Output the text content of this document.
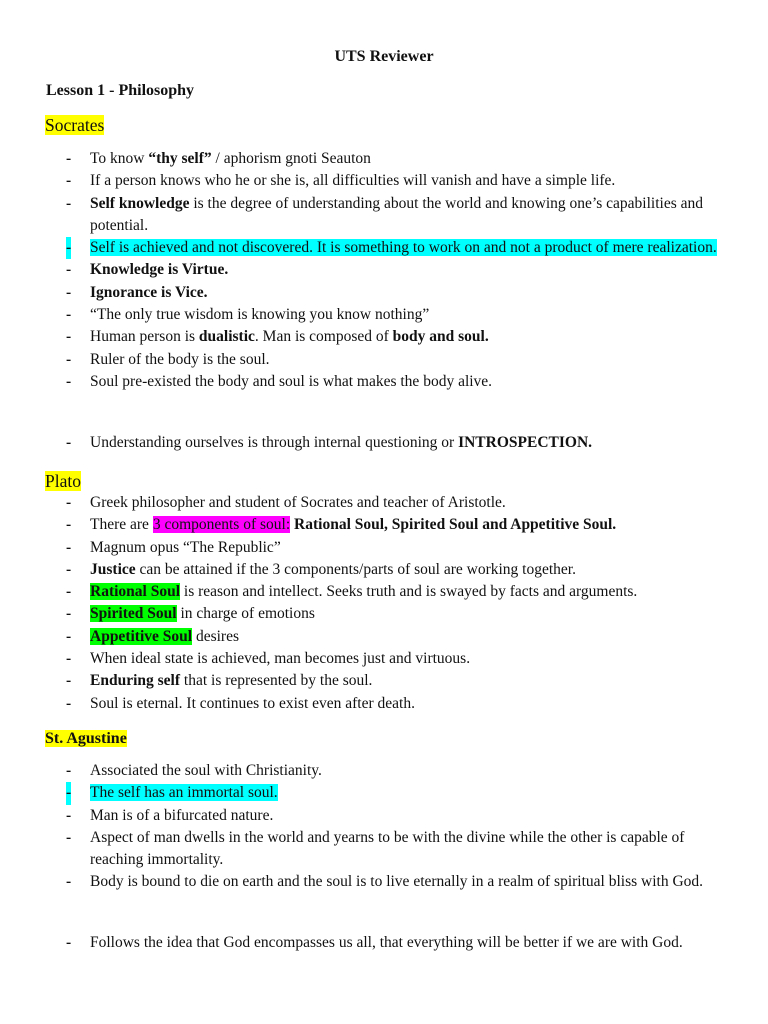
UTS Reviewer
Lesson 1 - Philosophy
Socrates
- To know “thy self” / aphorism gnoti Seauton
- If a person knows who he or she is, all difficulties will vanish and have a simple life.
- Self knowledge is the degree of understanding about the world and knowing one’s capabilities and potential.
- Self is achieved and not discovered. It is something to work on and not a product of mere realization.
- Knowledge is Virtue.
- Ignorance is Vice.
- “The only true wisdom is knowing you know nothing”
- Human person is dualistic. Man is composed of body and soul.
- Ruler of the body is the soul.
- Soul pre-existed the body and soul is what makes the body alive.
- Understanding ourselves is through internal questioning or INTROSPECTION.
Plato
- Greek philosopher and student of Socrates and teacher of Aristotle.
- There are 3 components of soul: Rational Soul, Spirited Soul and Appetitive Soul.
- Magnum opus “The Republic”
- Justice can be attained if the 3 components/parts of soul are working together.
- Rational Soul is reason and intellect. Seeks truth and is swayed by facts and arguments.
- Spirited Soul in charge of emotions
- Appetitive Soul desires
- When ideal state is achieved, man becomes just and virtuous.
- Enduring self that is represented by the soul.
- Soul is eternal. It continues to exist even after death.
St. Agustine
- Associated the soul with Christianity.
- The self has an immortal soul.
- Man is of a bifurcated nature.
- Aspect of man dwells in the world and yearns to be with the divine while the other is capable of reaching immortality.
- Body is bound to die on earth and the soul is to live eternally in a realm of spiritual bliss with God.
- Follows the idea that God encompasses us all, that everything will be better if we are with God.
